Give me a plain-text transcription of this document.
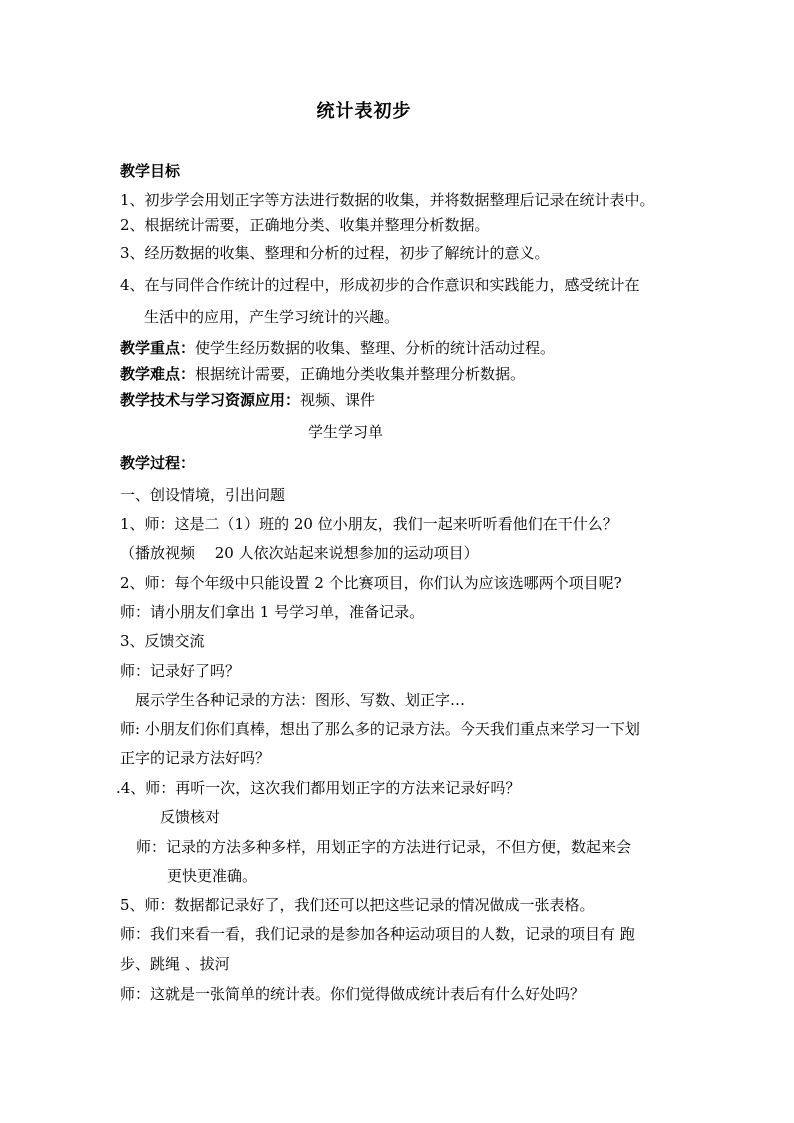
统计表初步
教学目标
1、初步学会用划正字等方法进行数据的收集，并将数据整理后记录在统计表中。
2、根据统计需要，正确地分类、收集并整理分析数据。
3、经历数据的收集、整理和分析的过程，初步了解统计的意义。
4、在与同伴合作统计的过程中，形成初步的合作意识和实践能力，感受统计在
生活中的应用，产生学习统计的兴趣。
教学重点：使学生经历数据的收集、整理、分析的统计活动过程。
教学难点：根据统计需要，正确地分类收集并整理分析数据。
教学技术与学习资源应用：视频、课件
学生学习单
教学过程：
一、创设情境，引出问题
1、师：这是二（1）班的 20 位小朋友，我们一起来听听看他们在干什么？
（播放视频　 20 人依次站起来说想参加的运动项目）
2、师：每个年级中只能设置 2 个比赛项目，你们认为应该选哪两个项目呢?
师：请小朋友们拿出 1 号学习单，准备记录。
3、反馈交流
师：记录好了吗？
展示学生各种记录的方法：图形、写数、划正字…
师: 小朋友们你们真棒，想出了那么多的记录方法。今天我们重点来学习一下划
正字的记录方法好吗？
.4、师：再听一次，这次我们都用划正字的方法来记录好吗？
反馈核对
师：记录的方法多种多样，用划正字的方法进行记录，不但方便，数起来会
更快更准确。
5、师：数据都记录好了，我们还可以把这些记录的情况做成一张表格。
师：我们来看一看，我们记录的是参加各种运动项目的人数，记录的项目有 跑
步、跳绳 、拔河
师：这就是一张简单的统计表。你们觉得做成统计表后有什么好处吗？
